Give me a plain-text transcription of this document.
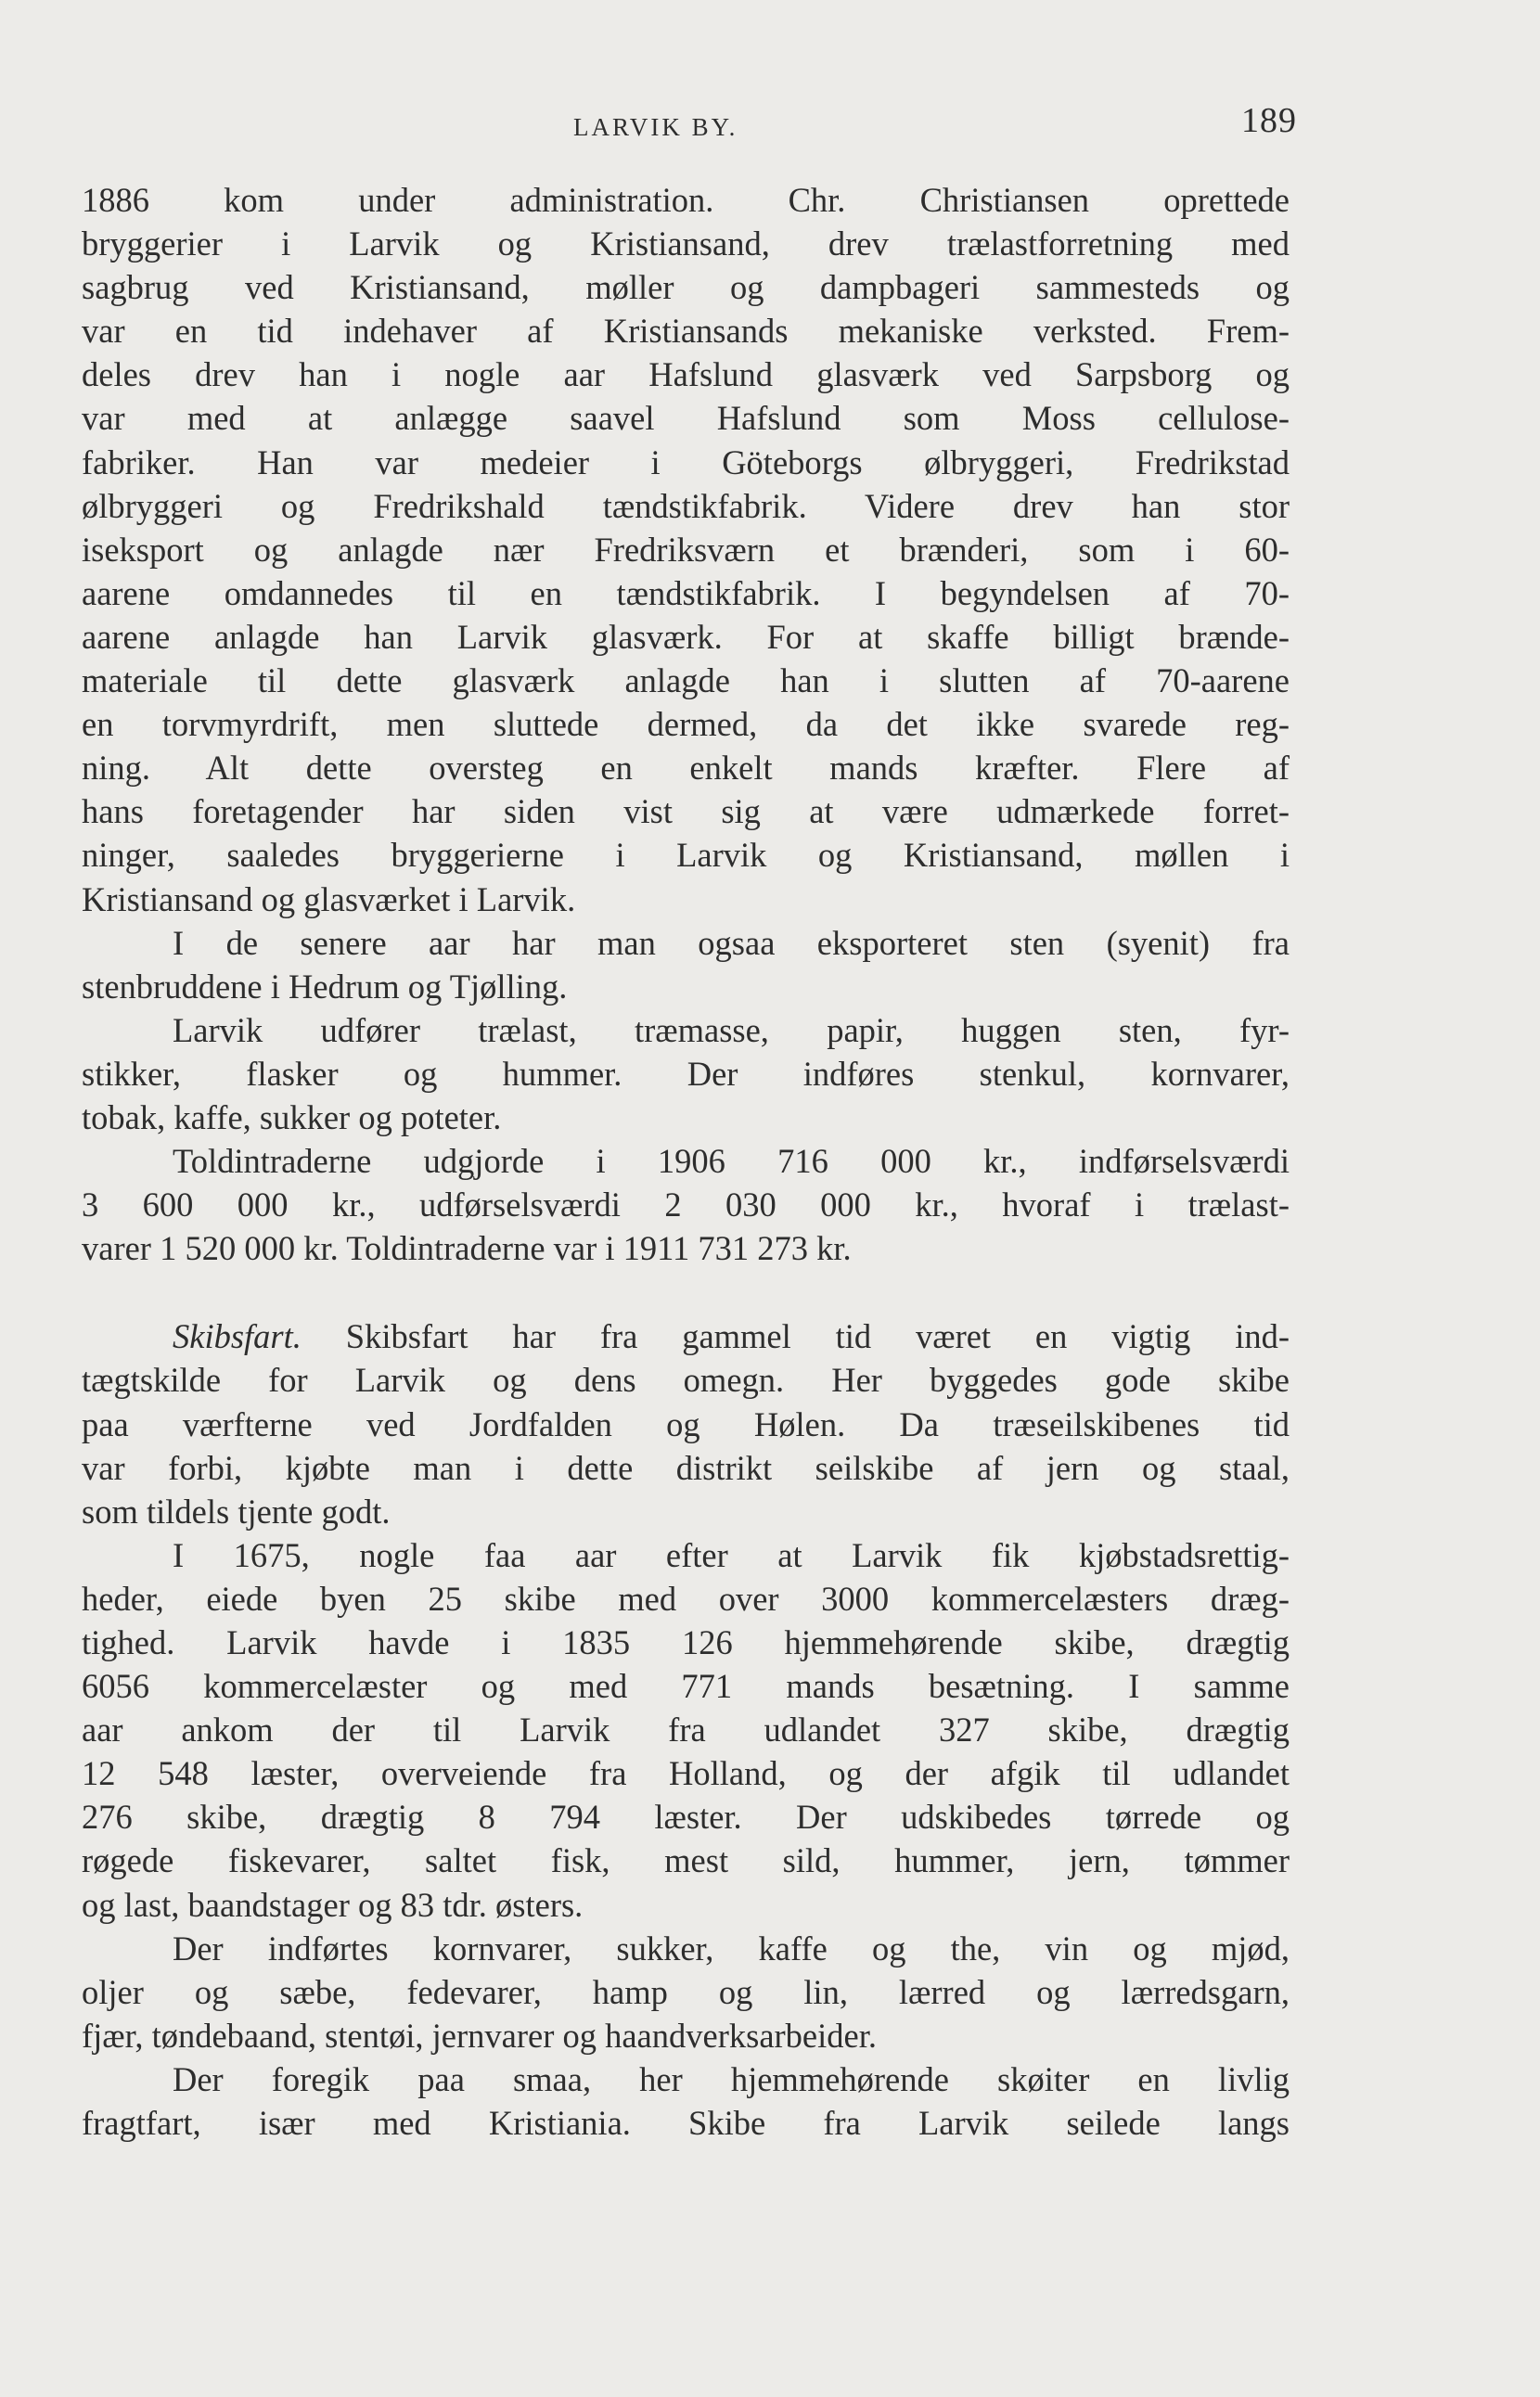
LARVIK BY.	189
1886 kom under administration. Chr. Christiansen oprettede
bryggerier i Larvik og Kristiansand, drev trælastforretning med
sagbrug ved Kristiansand, møller og dampbageri sammesteds og
var en tid indehaver af Kristiansands mekaniske verksted. Frem-
deles drev han i nogle aar Hafslund glasværk ved Sarpsborg og
var med at anlægge saavel Hafslund som Moss cellulose-
fabriker. Han var medeier i Göteborgs ølbryggeri, Fredrikstad
ølbryggeri og Fredrikshald tændstikfabrik. Videre drev han stor
iseksport og anlagde nær Fredriksværn et brænderi, som i 60-
aarene omdannedes til en tændstikfabrik. I begyndelsen af 70-
aarene anlagde han Larvik glasværk. For at skaffe billigt brænde-
materiale til dette glasværk anlagde han i slutten af 70-aarene
en torvmyrdrift, men sluttede dermed, da det ikke svarede reg-
ning. Alt dette oversteg en enkelt mands kræfter. Flere af
hans foretagender har siden vist sig at være udmærkede forret-
ninger, saaledes bryggerierne i Larvik og Kristiansand, møllen i
Kristiansand og glasværket i Larvik.
I de senere aar har man ogsaa eksporteret sten (syenit) fra
stenbruddene i Hedrum og Tjølling.
Larvik udfører trælast, træmasse, papir, huggen sten, fyr-
stikker, flasker og hummer. Der indføres stenkul, kornvarer,
tobak, kaffe, sukker og poteter.
Toldintraderne udgjorde i 1906 716 000 kr., indførselsværdi
3 600 000 kr., udførselsværdi 2 030 000 kr., hvoraf i trælast-
varer 1 520 000 kr. Toldintraderne var i 1911 731 273 kr.
Skibsfart. Skibsfart har fra gammel tid været en vigtig ind-
tægtskilde for Larvik og dens omegn. Her byggedes gode skibe
paa værfterne ved Jordfalden og Hølen. Da træseilskibenes tid
var forbi, kjøbte man i dette distrikt seilskibe af jern og staal,
som tildels tjente godt.
I 1675, nogle faa aar efter at Larvik fik kjøbstadsrettig-
heder, eiede byen 25 skibe med over 3000 kommercelæsters dræg-
tighed. Larvik havde i 1835 126 hjemmehørende skibe, drægtig
6056 kommercelæster og med 771 mands besætning. I samme
aar ankom der til Larvik fra udlandet 327 skibe, drægtig
12 548 læster, overveiende fra Holland, og der afgik til udlandet
276 skibe, drægtig 8 794 læster. Der udskibedes tørrede og
røgede fiskevarer, saltet fisk, mest sild, hummer, jern, tømmer
og last, baandstager og 83 tdr. østers.
Der indførtes kornvarer, sukker, kaffe og the, vin og mjød,
oljer og sæbe, fedevarer, hamp og lin, lærred og lærredsgarn,
fjær, tøndebaand, stentøi, jernvarer og haandverksarbeider.
Der foregik paa smaa, her hjemmehørende skøiter en livlig
fragtfart, især med Kristiania. Skibe fra Larvik seilede langs
